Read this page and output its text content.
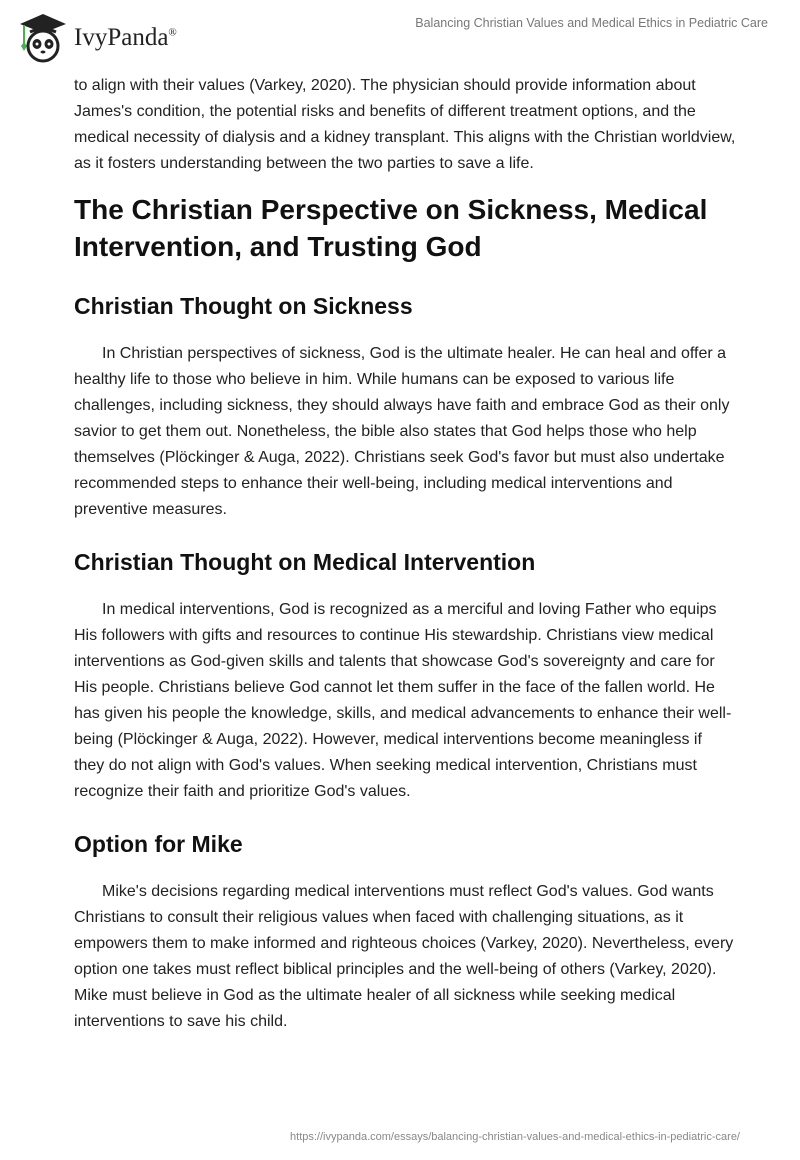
IvyPanda®
Balancing Christian Values and Medical Ethics in Pediatric Care

to align with their values (Varkey, 2020). The physician should provide information about James's condition, the potential risks and benefits of different treatment options, and the medical necessity of dialysis and a kidney transplant. This aligns with the Christian worldview, as it fosters understanding between the two parties to save a life.

The Christian Perspective on Sickness, Medical Intervention, and Trusting God
Christian Thought on Sickness

In Christian perspectives of sickness, God is the ultimate healer. He can heal and offer a healthy life to those who believe in him. While humans can be exposed to various life challenges, including sickness, they should always have faith and embrace God as their only savior to get them out. Nonetheless, the bible also states that God helps those who help themselves (Plöckinger & Auga, 2022). Christians seek God's favor but must also undertake recommended steps to enhance their well-being, including medical interventions and preventive measures.

Christian Thought on Medical Intervention

In medical interventions, God is recognized as a merciful and loving Father who equips His followers with gifts and resources to continue His stewardship. Christians view medical interventions as God-given skills and talents that showcase God's sovereignty and care for His people. Christians believe God cannot let them suffer in the face of the fallen world. He has given his people the knowledge, skills, and medical advancements to enhance their well-being (Plöckinger & Auga, 2022). However, medical interventions become meaningless if they do not align with God's values. When seeking medical intervention, Christians must recognize their faith and prioritize God's values.

Option for Mike

Mike's decisions regarding medical interventions must reflect God's values. God wants Christians to consult their religious values when faced with challenging situations, as it empowers them to make informed and righteous choices (Varkey, 2020). Nevertheless, every option one takes must reflect biblical principles and the well-being of others (Varkey, 2020). Mike must believe in God as the ultimate healer of all sickness while seeking medical interventions to save his child.

https://ivypanda.com/essays/balancing-christian-values-and-medical-ethics-in-pediatric-care/
